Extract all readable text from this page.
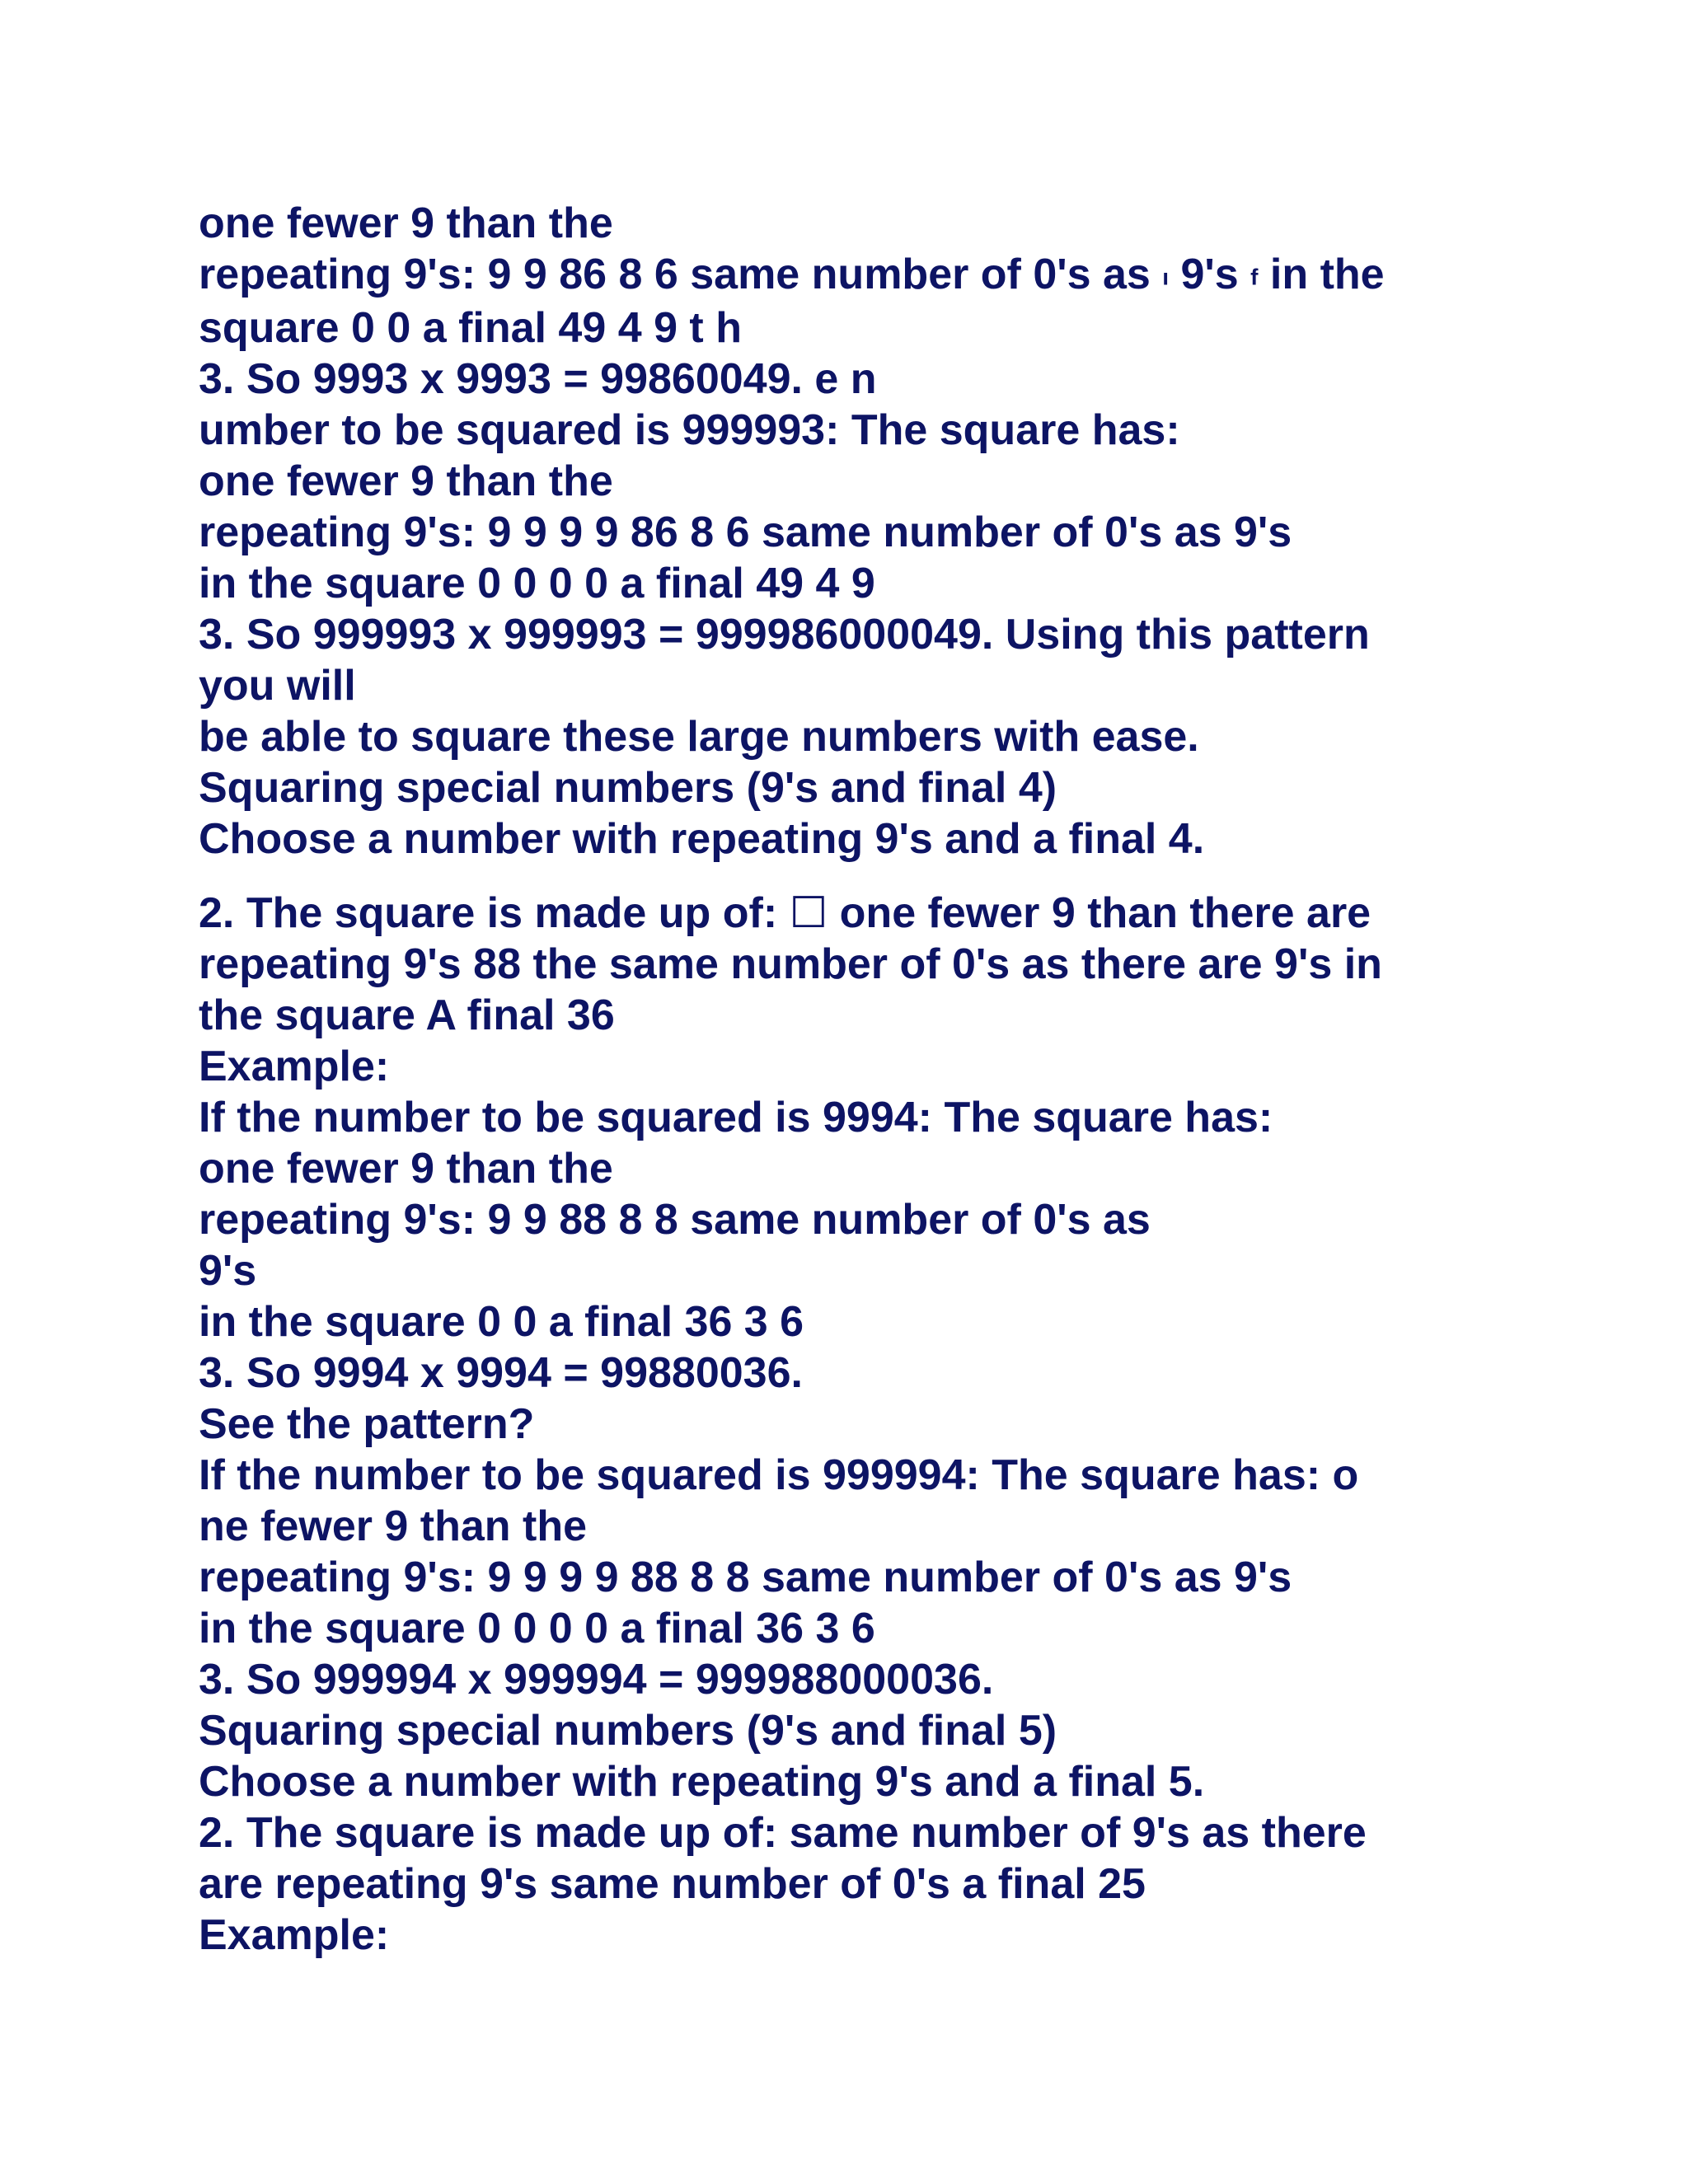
one fewer 9 than the

repeating 9's: 9 9 86 8 6 same number of 0's as ı 9's f in the

square 0 0 a final 49 4 9 t h

3. So 9993 x 9993 = 99860049. e n

umber to be squared is 999993: The square has:

one fewer 9 than the

repeating 9's: 9 9 9 9 86 8 6 same number of 0's as 9's

in the square 0 0 0 0 a final 49 4 9

3. So 999993 x 999993 = 999986000049. Using this pattern

you will

be able to square these large numbers with ease.

Squaring special numbers (9's and final 4)

Choose a number with repeating 9's and a final 4.

2. The square is made up of: ☐ one fewer 9 than there are

repeating 9's 88 the same number of 0's as there are 9's in

the square A final 36

Example:

If the number to be squared is 9994: The square has:

one fewer 9 than the

repeating 9's: 9 9 88 8 8 same number of 0's as

9's

in the square 0 0 a final 36 3 6

3. So 9994 x 9994 = 99880036.

See the pattern?

If the number to be squared is 999994: The square has: o

ne fewer 9 than the

repeating 9's: 9 9 9 9 88 8 8 same number of 0's as 9's

in the square 0 0 0 0 a final 36 3 6

3. So 999994 x 999994 = 999988000036.

Squaring special numbers (9's and final 5)

Choose a number with repeating 9's and a final 5.

2. The square is made up of: same number of 9's as there

are repeating 9's same number of 0's a final 25

Example:
